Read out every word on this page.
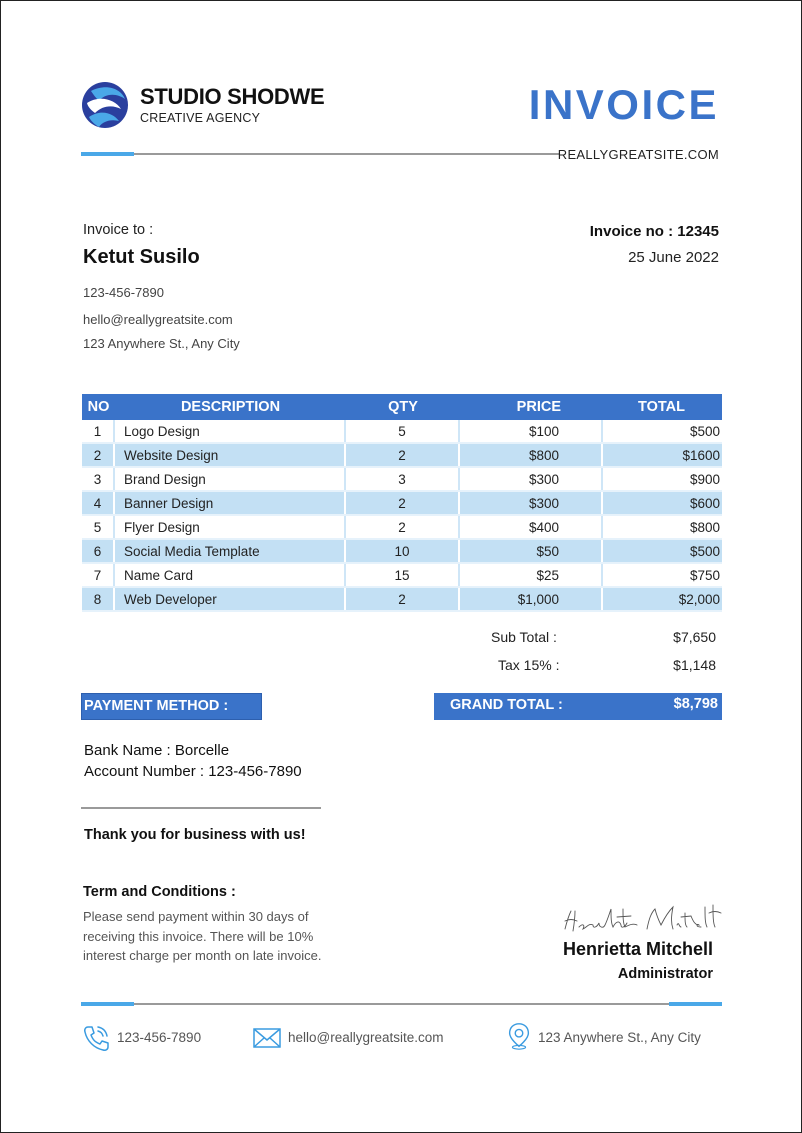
STUDIO SHODWE
CREATIVE AGENCY	INVOICE
REALLYGREATSITE.COM
Invoice to :
Ketut Susilo
123-456-7890
hello@reallygreatsite.com
123 Anywhere St., Any City
Invoice no : 12345
25 June 2022
NO	DESCRIPTION	QTY	PRICE	TOTAL
1	Logo Design	5	$100	$500
2	Website Design	2	$800	$1600
3	Brand Design	3	$300	$900
4	Banner Design	2	$300	$600
5	Flyer Design	2	$400	$800
6	Social Media Template	10	$50	$500
7	Name Card	15	$25	$750
8	Web Developer	2	$1,000	$2,000
Sub Total :	$7,650
Tax 15% :	$1,148
PAYMENT METHOD :	GRAND TOTAL :	$8,798
Bank Name : Borcelle
Account Number : 123-456-7890
Thank you for business with us!
Term and Conditions :
Please send payment within 30 days of receiving this invoice. There will be 10% interest charge per month on late invoice.	Henrietta Mitchell
Administrator
123-456-7890	hello@reallygreatsite.com	123 Anywhere St., Any City
